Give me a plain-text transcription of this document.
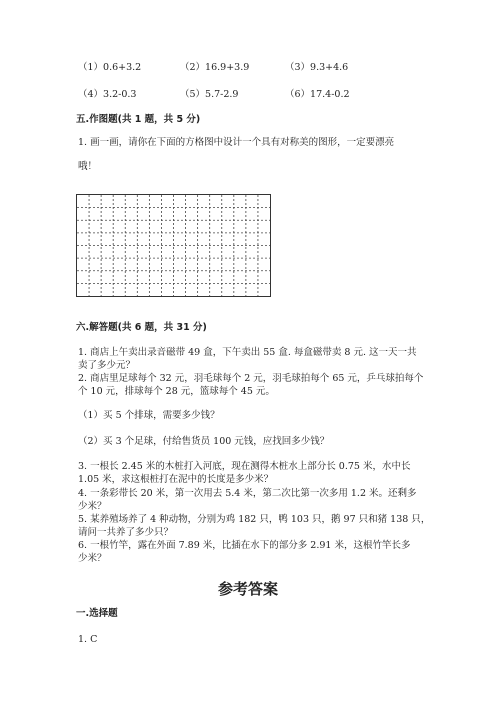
（1）0.6+3.2	（2）16.9+3.9	（3）9.3+4.6
（4）3.2-0.3	（5）5.7-2.9	（6）17.4-0.2
五.作图题(共 1 题，共 5 分)
1. 画一画，请你在下面的方格图中设计一个具有对称美的图形，一定要漂亮
哦！
六.解答题(共 6 题，共 31 分)
1. 商店上午卖出录音磁带 49 盒，下午卖出 55 盒. 每盒磁带卖 8 元. 这一天一共
卖了多少元？
2. 商店里足球每个 32 元，羽毛球每个 2 元，羽毛球拍每个 65 元，乒乓球拍每个
个 10 元，排球每个 28 元，篮球每个 45 元。
（1）买 5 个排球，需要多少钱？
（2）买 3 个足球，付给售货员 100 元钱，应找回多少钱？
3. 一根长 2.45 米的木桩打入河底，现在测得木桩水上部分长 0.75 米，水中长
1.05 米，求这根桩打在泥中的长度是多少米？
4. 一条彩带长 20 米，第一次用去 5.4 米，第二次比第一次多用 1.2 米。还剩多
少米？
5. 某养殖场养了 4 种动物，分别为鸡 182 只，鸭 103 只，鹅 97 只和猪 138 只，
请问一共养了多少只？
6. 一根竹竿，露在外面 7.89 米，比插在水下的部分多 2.91 米，这根竹竿长多
少米？
参考答案
一.选择题
1. C
